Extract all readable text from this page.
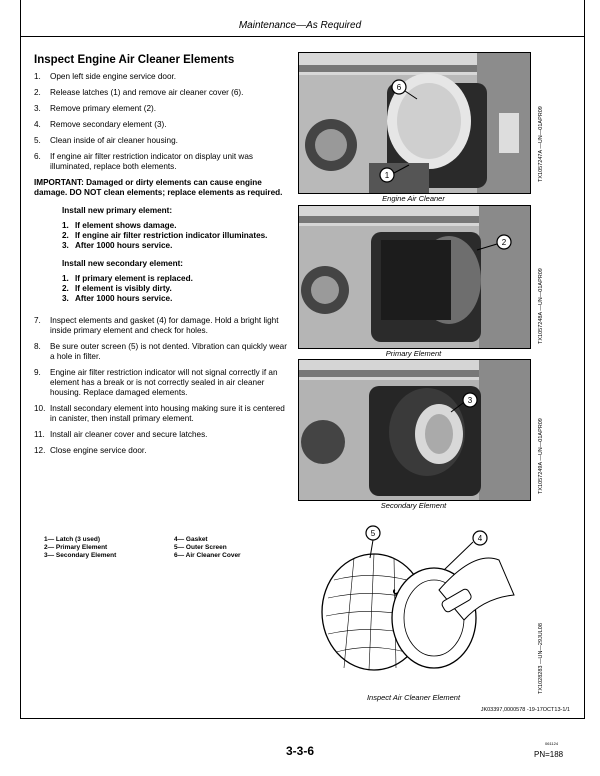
Maintenance—As Required
Inspect Engine Air Cleaner Elements
1.	Open left side engine service door.
2.	Release latches (1) and remove air cleaner cover (6).
3.	Remove primary element (2).
4.	Remove secondary element (3).
5.	Clean inside of air cleaner housing.
6.	If engine air filter restriction indicator on display unit was illuminated, replace both elements.
IMPORTANT: Damaged or dirty elements can cause engine damage. DO NOT clean elements; replace elements as required.
Install new primary element:
1. If element shows damage.
2. If engine air filter restriction indicator illuminates.
3. After 1000 hours service.
Install new secondary element:
1. If primary element is replaced.
2. If element is visibly dirty.
3. After 1000 hours service.
7.	Inspect elements and gasket (4) for damage. Hold a bright light inside primary element and check for holes.
8.	Be sure outer screen (5) is not dented. Vibration can quickly wear a hole in filter.
9.	Engine air filter restriction indicator will not signal correctly if an element has a break or is not correctly sealed in air cleaner housing. Replace damaged elements.
10. Install secondary element into housing making sure it is centered in canister, then install primary element.
11. Install air cleaner cover and secure latches.
12. Close engine service door.
1— Latch (3 used)	4— Gasket
2— Primary Element	5— Outer Screen
3— Secondary Element	6— Air Cleaner Cover
6
1
Engine Air Cleaner
TX1057247A —UN—01APR09
2
Primary Element
TX1057248A —UN—01APR09
3
Secondary Element
TX1057249A —UN—01APR09
5
4
Inspect Air Cleaner Element
TX1028283 —UN—29JUL08
JK03397,0000578 -19-17OCT13-1/1
3-3-6
061124
PN=188
